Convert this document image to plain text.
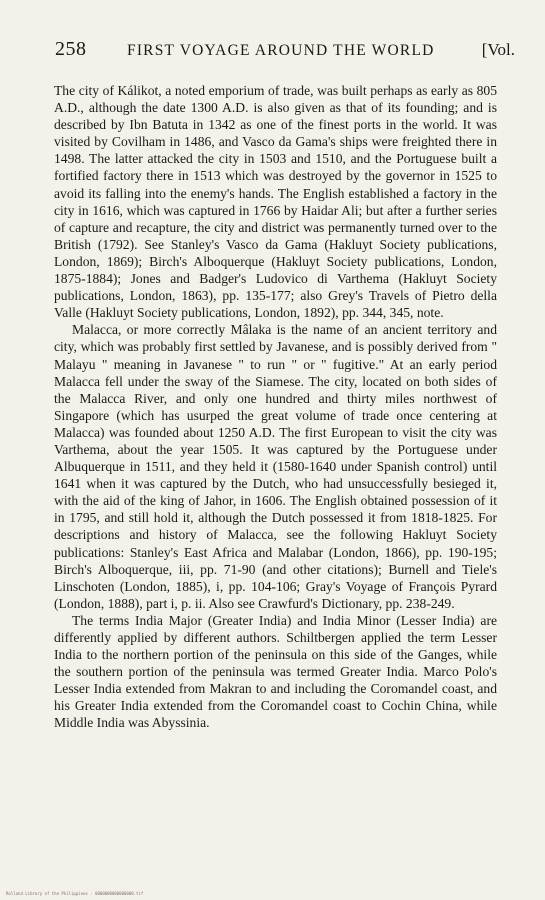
258	FIRST VOYAGE AROUND THE WORLD	[Vol.

The city of Kálikot, a noted emporium of trade, was built perhaps as early as 805 A.D., although the date 1300 A.D. is also given as that of its founding; and is described by Ibn Batuta in 1342 as one of the finest ports in the world. It was visited by Covilham in 1486, and Vasco da Gama's ships were freighted there in 1498. The latter attacked the city in 1503 and 1510, and the Portuguese built a fortified factory there in 1513 which was destroyed by the governor in 1525 to avoid its falling into the enemy's hands. The English established a factory in the city in 1616, which was captured in 1766 by Haidar Ali; but after a further series of capture and recapture, the city and district was permanently turned over to the British (1792). See Stanley's Vasco da Gama (Hakluyt Society publications, London, 1869); Birch's Alboquerque (Hakluyt Society publications, London, 1875-1884); Jones and Badger's Ludovico di Varthema (Hakluyt Society publications, London, 1863), pp. 135-177; also Grey's Travels of Pietro della Valle (Hakluyt Society publications, London, 1892), pp. 344, 345, note.

Malacca, or more correctly Mâlaka is the name of an ancient territory and city, which was probably first settled by Javanese, and is possibly derived from " Malayu " meaning in Javanese " to run " or " fugitive." At an early period Malacca fell under the sway of the Siamese. The city, located on both sides of the Malacca River, and only one hundred and thirty miles northwest of Singapore (which has usurped the great volume of trade once centering at Malacca) was founded about 1250 A.D. The first European to visit the city was Varthema, about the year 1505. It was captured by the Portuguese under Albuquerque in 1511, and they held it (1580-1640 under Spanish control) until 1641 when it was captured by the Dutch, who had unsuccessfully besieged it, with the aid of the king of Jahor, in 1606. The English obtained possession of it in 1795, and still hold it, although the Dutch possessed it from 1818-1825. For descriptions and history of Malacca, see the following Hakluyt Society publications: Stanley's East Africa and Malabar (London, 1866), pp. 190-195; Birch's Alboquerque, iii, pp. 71-90 (and other citations); Burnell and Tiele's Linschoten (London, 1885), i, pp. 104-106; Gray's Voyage of François Pyrard (London, 1888), part i, p. ii. Also see Crawfurd's Dictionary, pp. 238-249.

The terms India Major (Greater India) and India Minor (Lesser India) are differently applied by different authors. Schiltbergen applied the term Lesser India to the northern portion of the peninsula on this side of the Ganges, while the southern portion of the peninsula was termed Greater India. Marco Polo's Lesser India extended from Makran to and including the Coromandel coast, and his Greater India extended from the Coromandel coast to Cochin China, while Middle India was Abyssinia.

Rolland Library of the Philippines · 0000000000000000.tif
